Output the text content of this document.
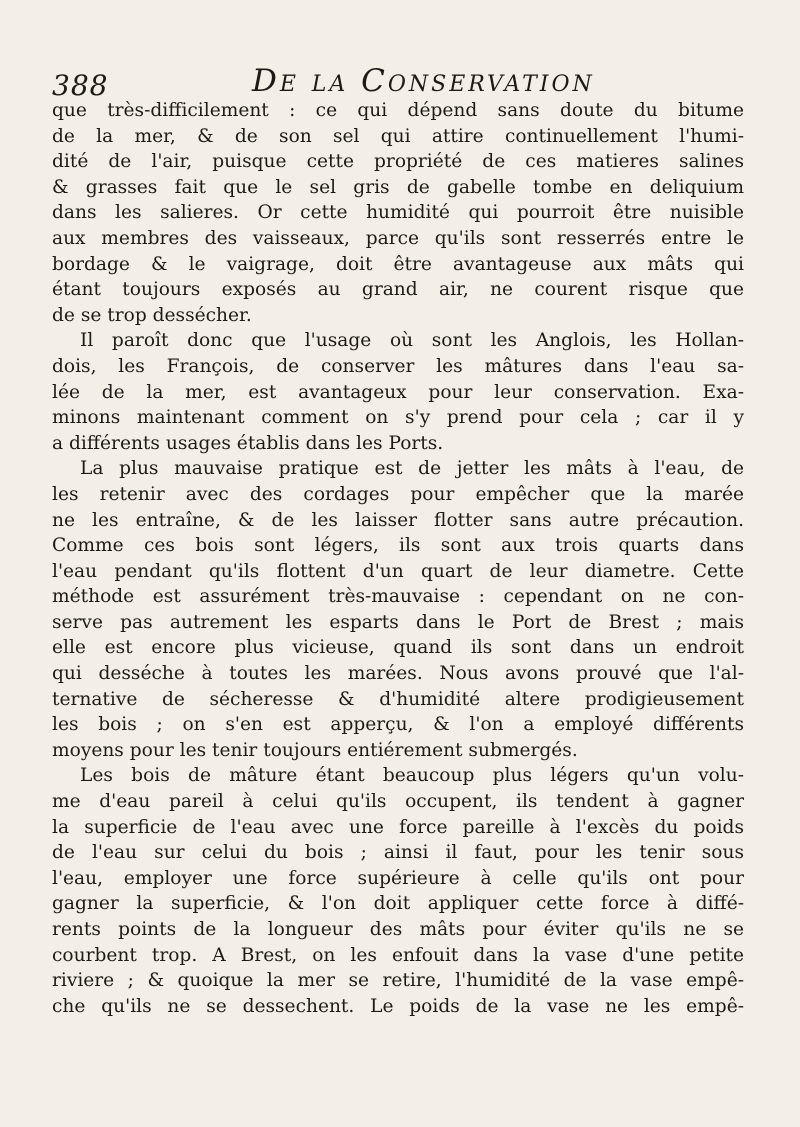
388	De la Conservation
que très-difficilement : ce qui dépend sans doute du bitume
de la mer, & de son sel qui attire continuellement l'humi-
dité de l'air, puisque cette propriété de ces matieres salines
& grasses fait que le sel gris de gabelle tombe en deliquium
dans les salieres. Or cette humidité qui pourroit être nuisible
aux membres des vaisseaux, parce qu'ils sont resserrés entre le
bordage & le vaigrage, doit être avantageuse aux mâts qui
étant toujours exposés au grand air, ne courent risque que
de se trop dessécher.
Il paroît donc que l'usage où sont les Anglois, les Hollan-
dois, les François, de conserver les mâtures dans l'eau sa-
lée de la mer, est avantageux pour leur conservation. Exa-
minons maintenant comment on s'y prend pour cela ; car il y
a différents usages établis dans les Ports.
La plus mauvaise pratique est de jetter les mâts à l'eau, de
les retenir avec des cordages pour empêcher que la marée
ne les entraîne, & de les laisser flotter sans autre précaution.
Comme ces bois sont légers, ils sont aux trois quarts dans
l'eau pendant qu'ils flottent d'un quart de leur diametre. Cette
méthode est assurément très-mauvaise : cependant on ne con-
serve pas autrement les esparts dans le Port de Brest ; mais
elle est encore plus vicieuse, quand ils sont dans un endroit
qui desséche à toutes les marées. Nous avons prouvé que l'al-
ternative de sécheresse & d'humidité altere prodigieusement
les bois ; on s'en est apperçu, & l'on a employé différents
moyens pour les tenir toujours entiérement submergés.
Les bois de mâture étant beaucoup plus légers qu'un volu-
me d'eau pareil à celui qu'ils occupent, ils tendent à gagner
la superficie de l'eau avec une force pareille à l'excès du poids
de l'eau sur celui du bois ; ainsi il faut, pour les tenir sous
l'eau, employer une force supérieure à celle qu'ils ont pour
gagner la superficie, & l'on doit appliquer cette force à diffé-
rents points de la longueur des mâts pour éviter qu'ils ne se
courbent trop. A Brest, on les enfouit dans la vase d'une petite
riviere ; & quoique la mer se retire, l'humidité de la vase empê-
che qu'ils ne se dessechent. Le poids de la vase ne les empê-
